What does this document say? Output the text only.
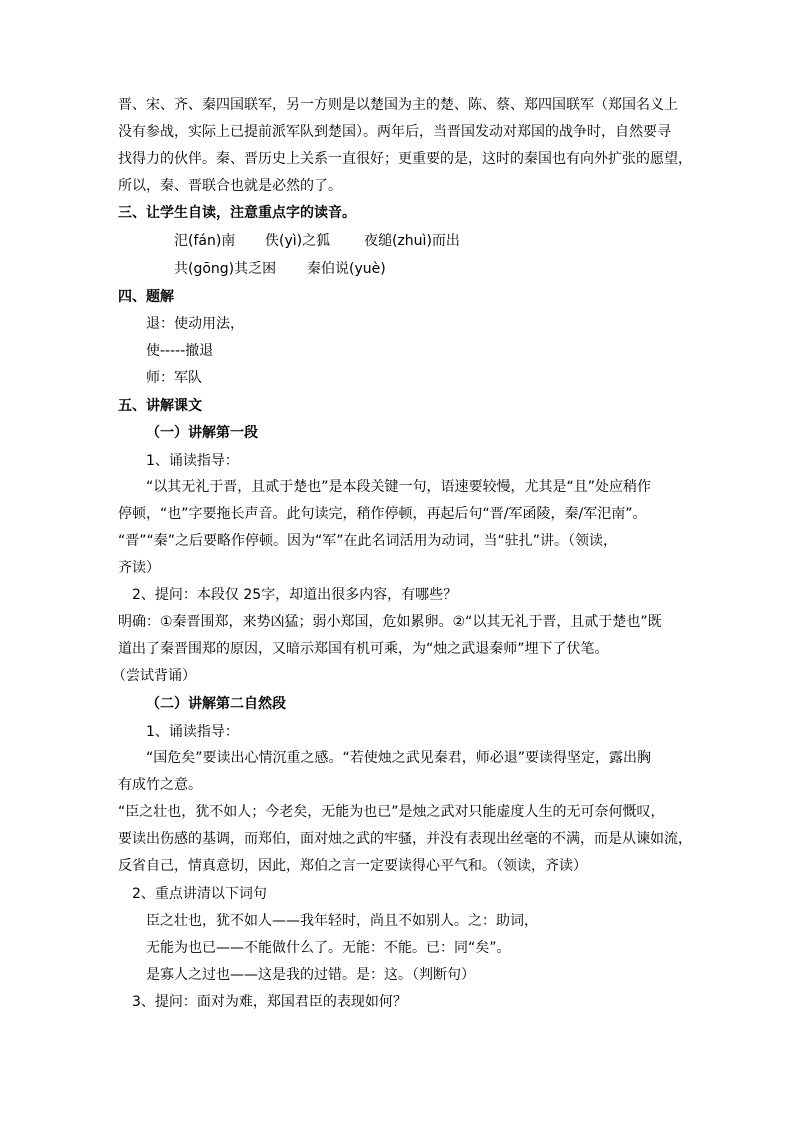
晋、宋、齐、秦四国联军，另一方则是以楚国为主的楚、陈、蔡、郑四国联军（郑国名义上
没有参战，实际上已提前派军队到楚国）。两年后，当晋国发动对郑国的战争时，自然要寻
找得力的伙伴。秦、晋历史上关系一直很好；更重要的是，这时的秦国也有向外扩张的愿望，
所以，秦、晋联合也就是必然的了。
三、让学生自读，注意重点字的读音。
汜(fán)南 佚(yì)之狐 夜缒(zhuì)而出
共(gōng)其乏困 秦伯说(yuè)
四、题解
退：使动用法，
使-----撤退
师：军队
五、讲解课文
（一）讲解第一段
1、诵读指导：
“以其无礼于晋，且贰于楚也”是本段关键一句，语速要较慢，尤其是“且”处应稍作
停顿，“也”字要拖长声音。此句读完，稍作停顿，再起后句“晋/军函陵，秦/军汜南”。
“晋”“秦”之后要略作停顿。因为“军”在此名词活用为动词，当“驻扎”讲。（领读，
齐读）
2、提问：本段仅 25字，却道出很多内容，有哪些？
明确：①秦晋围郑，来势凶猛；弱小郑国，危如累卵。②“以其无礼于晋，且贰于楚也”既
道出了秦晋围郑的原因，又暗示郑国有机可乘，为“烛之武退秦师”埋下了伏笔。
（尝试背诵）
（二）讲解第二自然段
1、诵读指导：
“国危矣”要读出心情沉重之感。“若使烛之武见秦君，师必退”要读得坚定，露出胸
有成竹之意。
“臣之壮也，犹不如人；今老矣，无能为也已”是烛之武对只能虚度人生的无可奈何慨叹，
要读出伤感的基调，而郑伯，面对烛之武的牢骚，并没有表现出丝毫的不满，而是从谏如流，
反省自己，情真意切，因此，郑伯之言一定要读得心平气和。（领读，齐读）
2、重点讲清以下词句
臣之壮也，犹不如人——我年轻时，尚且不如别人。之：助词，
无能为也已——不能做什么了。无能：不能。已：同“矣”。
是寡人之过也——这是我的过错。是：这。（判断句）
3、提问：面对为难，郑国君臣的表现如何？
